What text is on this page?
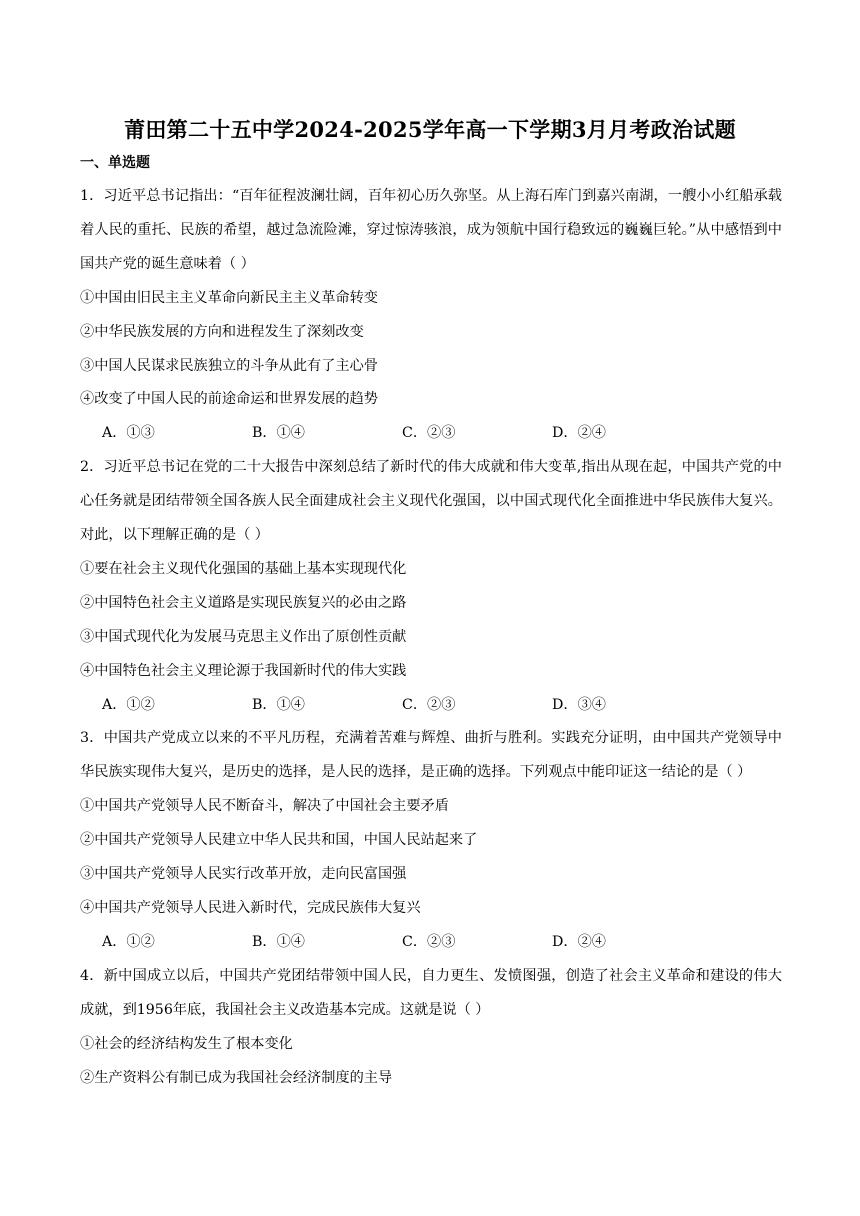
莆田第二十五中学2024-2025学年高一下学期3月月考政治试题
一、单选题

1．习近平总书记指出：“百年征程波澜壮阔，百年初心历久弥坚。从上海石库门到嘉兴南湖，一艘小小红船承载着人民的重托、民族的希望，越过急流险滩，穿过惊涛骇浪，成为领航中国行稳致远的巍巍巨轮。”从中感悟到中国共产党的诞生意味着（ ）

①中国由旧民主主义革命向新民主主义革命转变

②中华民族发展的方向和进程发生了深刻改变

③中国人民谋求民族独立的斗争从此有了主心骨

④改变了中国人民的前途命运和世界发展的趋势

A．①③	B．①④	C．②③	D．②④

2．习近平总书记在党的二十大报告中深刻总结了新时代的伟大成就和伟大变革,指出从现在起，中国共产党的中心任务就是团结带领全国各族人民全面建成社会主义现代化强国，以中国式现代化全面推进中华民族伟大复兴。对此，以下理解正确的是（ ）

①要在社会主义现代化强国的基础上基本实现现代化

②中国特色社会主义道路是实现民族复兴的必由之路

③中国式现代化为发展马克思主义作出了原创性贡献

④中国特色社会主义理论源于我国新时代的伟大实践

A．①②	B．①④	C．②③	D．③④

3．中国共产党成立以来的不平凡历程，充满着苦难与辉煌、曲折与胜利。实践充分证明，由中国共产党领导中华民族实现伟大复兴，是历史的选择，是人民的选择，是正确的选择。下列观点中能印证这一结论的是（ ）

①中国共产党领导人民不断奋斗，解决了中国社会主要矛盾

②中国共产党领导人民建立中华人民共和国，中国人民站起来了

③中国共产党领导人民实行改革开放，走向民富国强

④中国共产党领导人民进入新时代，完成民族伟大复兴

A．①②	B．①④	C．②③	D．②④

4．新中国成立以后，中国共产党团结带领中国人民，自力更生、发愤图强，创造了社会主义革命和建设的伟大成就，到1956年底，我国社会主义改造基本完成。这就是说（ ）

①社会的经济结构发生了根本变化

②生产资料公有制已成为我国社会经济制度的主导
